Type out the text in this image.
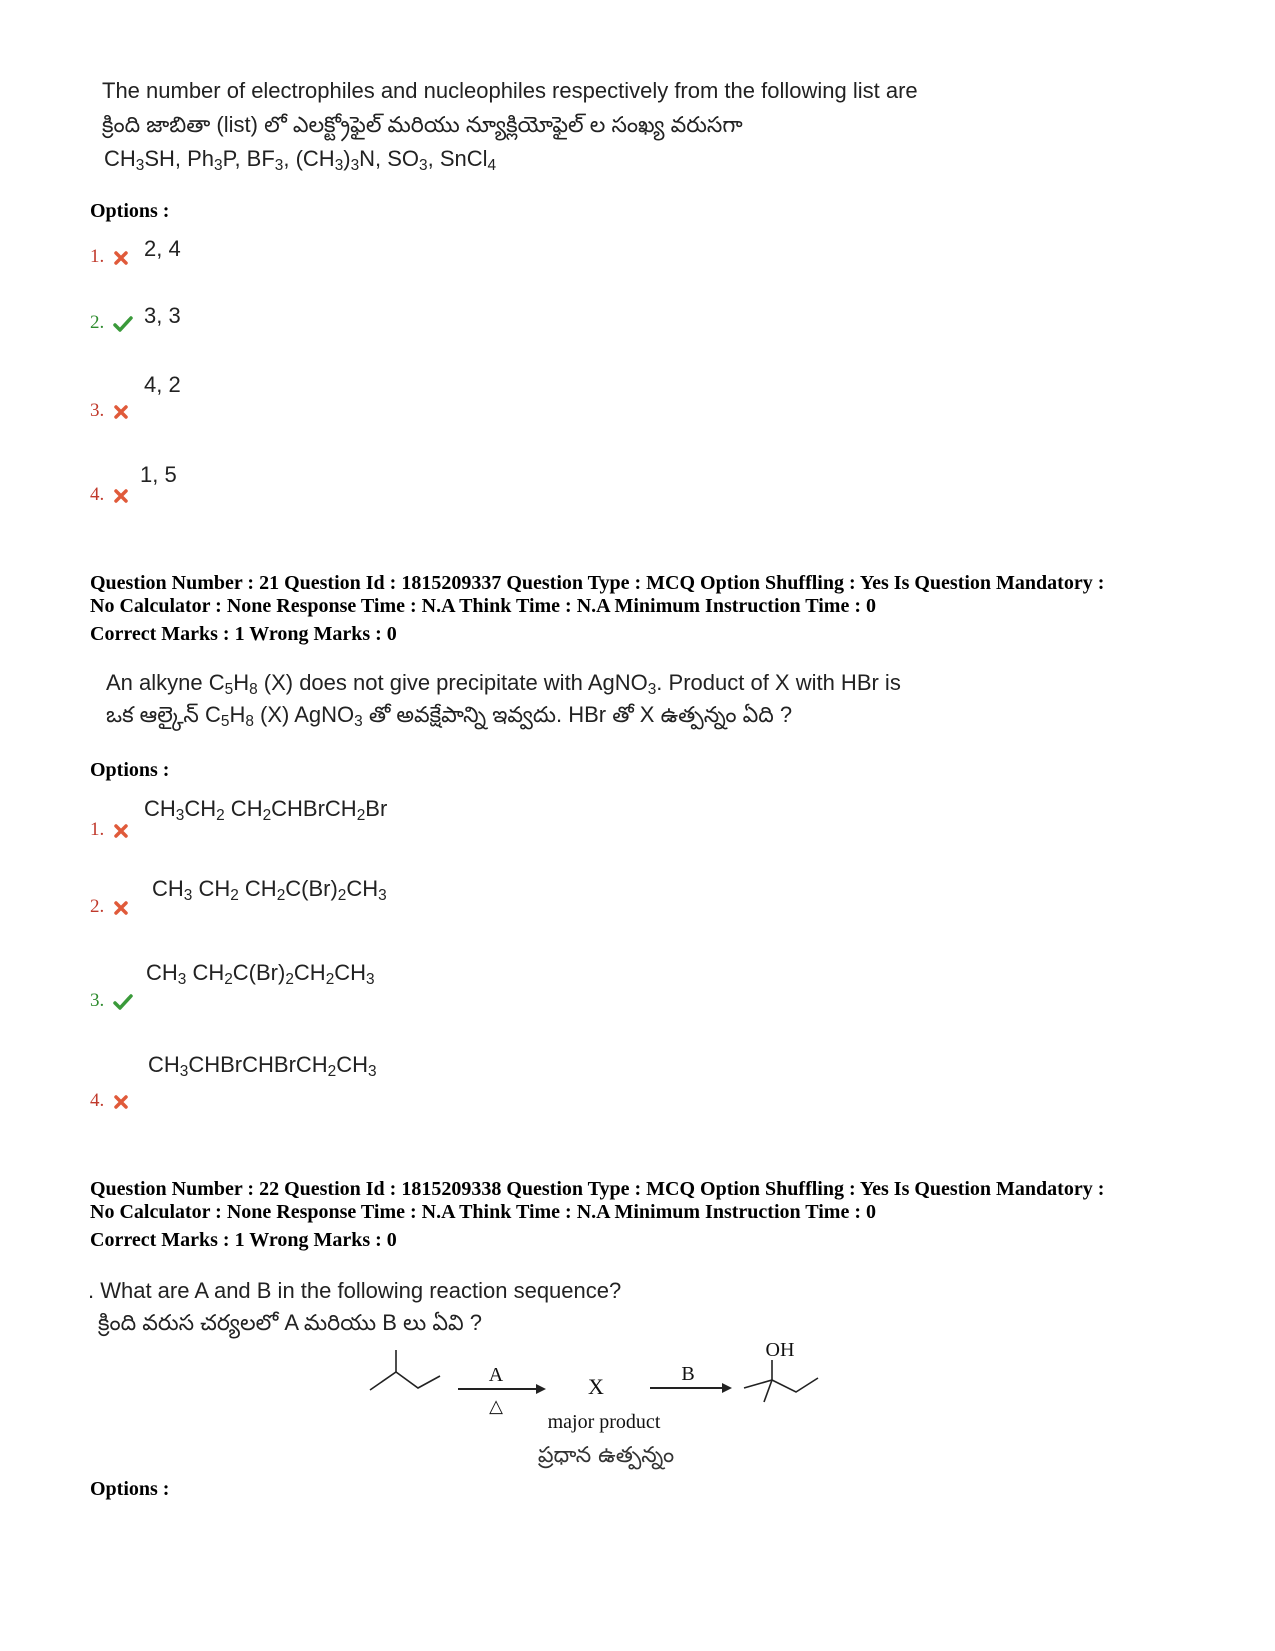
The number of electrophiles and nucleophiles respectively from the following list are
క్రింది జాబితా (list) లో ఎలక్ట్రోఫైల్ మరియు న్యూక్లియోఫైల్ ల సంఖ్య వరుసగా
$CH_3SH$, $Ph_3P$, $BF_3$, $(CH_3)_3N$, $SO_3$, SnCl$_4$
Options :
2, 4
1.
3, 3
2.
4, 2
3.
1, 5
4.
Question Number : 21 Question Id : 1815209337 Question Type : MCQ Option Shuffling : Yes Is Question Mandatory :
No Calculator : None Response Time : N.A Think Time : N.A Minimum Instruction Time : 0
Correct Marks : 1 Wrong Marks : 0
An alkyne $C_5H_8$ (X) does not give precipitate with AgNO$_3$. Product of X with HBr is
ఒక ఆల్కైన్ $C_5H_8$ (X) AgNO$_3$ తో అవక్షేపాన్ని ఇవ్వదు. HBr తో X ఉత్పన్నం ఏది ?
Options :
$CH_3CH_2$ $CH_2CHBrCH_2Br$
1.
$CH_3$ $CH_2$ $CH_2C(Br)_2CH_3$
2.
$CH_3$ $CH_2C(Br)_2CH_2CH_3$
3.
$CH_3CHBrCHBrCH_2CH_3$
4.
Question Number : 22 Question Id : 1815209338 Question Type : MCQ Option Shuffling : Yes Is Question Mandatory :
No Calculator : None Response Time : N.A Think Time : N.A Minimum Instruction Time : 0
Correct Marks : 1 Wrong Marks : 0
. What are A and B in the following reaction sequence?
క్రింది వరుస చర్యలలో A మరియు B లు ఏవి ?
A
△
X	B
OH
major product
ప్రధాన ఉత్పన్నం
Options :
